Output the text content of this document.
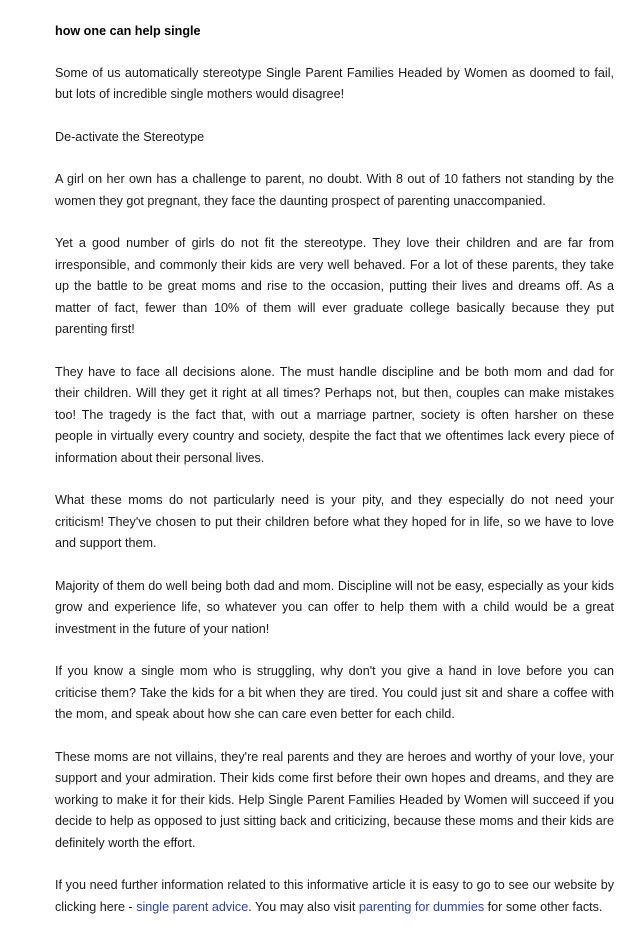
how one can help single

Some of us automatically stereotype Single Parent Families Headed by Women as doomed to fail, but lots of incredible single mothers would disagree!

De-activate the Stereotype

A girl on her own has a challenge to parent, no doubt. With 8 out of 10 fathers not standing by the women they got pregnant, they face the daunting prospect of parenting unaccompanied.

Yet a good number of girls do not fit the stereotype. They love their children and are far from irresponsible, and commonly their kids are very well behaved. For a lot of these parents, they take up the battle to be great moms and rise to the occasion, putting their lives and dreams off. As a matter of fact, fewer than 10% of them will ever graduate college basically because they put parenting first!

They have to face all decisions alone. The must handle discipline and be both mom and dad for their children. Will they get it right at all times? Perhaps not, but then, couples can make mistakes too! The tragedy is the fact that, with out a marriage partner, society is often harsher on these people in virtually every country and society, despite the fact that we oftentimes lack every piece of information about their personal lives.

What these moms do not particularly need is your pity, and they especially do not need your criticism! They've chosen to put their children before what they hoped for in life, so we have to love and support them.

Majority of them do well being both dad and mom. Discipline will not be easy, especially as your kids grow and experience life, so whatever you can offer to help them with a child would be a great investment in the future of your nation!

If you know a single mom who is struggling, why don't you give a hand in love before you can criticise them? Take the kids for a bit when they are tired. You could just sit and share a coffee with the mom, and speak about how she can care even better for each child.

These moms are not villains, they're real parents and they are heroes and worthy of your love, your support and your admiration. Their kids come first before their own hopes and dreams, and they are working to make it for their kids. Help Single Parent Families Headed by Women will succeed if you decide to help as opposed to just sitting back and criticizing, because these moms and their kids are definitely worth the effort.

If you need further information related to this informative article it is easy to go to see our website by clicking here - single parent advice. You may also visit parenting for dummies for some other facts.
